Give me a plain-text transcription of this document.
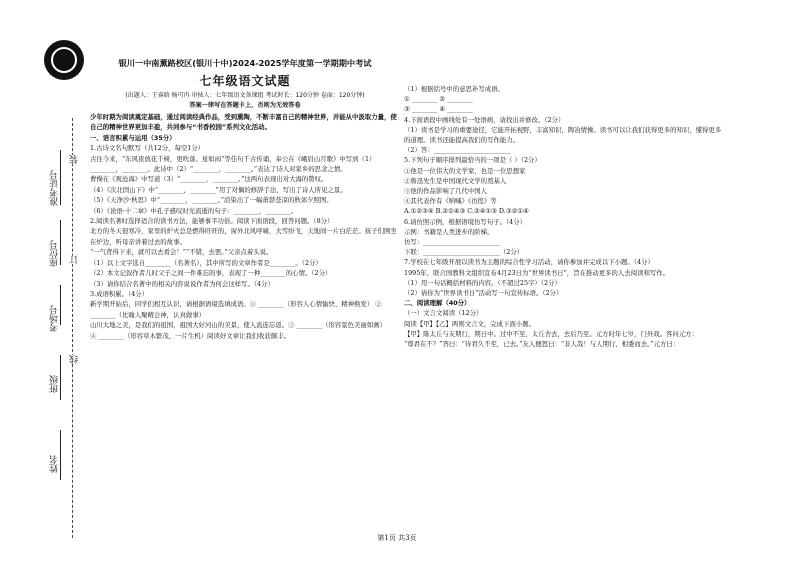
准考证号
座位号
考场号
班级
姓名
装
订
线
银川一中南薰路校区(银川十中)2024-2025学年度第一学期期中考试
七年级语文试题
(出题人：王睿晗 杨可冉 审核人：七年级语文备课组 考试时长：120分钟 卷面：120分钟)
答案一律写在答题卡上，否则为无效答卷

少年时期为阅读奠定基础，通过阅读经典作品，受到熏陶，不断丰富自己的精神世界，并能从中汲取力量，使自己的精神世界更加丰盈，共同参与“书香校园”系列文化活动。

一、语言积累与运用（35分）

1.古诗文名句默写（共12分，每空1分）

古往今来，“东风夜放花千树，更吹落、星如雨”等佳句千古传诵，奉公在《峨眉山月歌》中写到（1）________，________。此诗中（2）“________，________。”表达了诗人对家乡的思念之情。

曹操在《观沧海》中写道（3）“________，________。”这两句表现出对大海的赞叹。

（4）《次北固山下》中“________，________”用了对偶的修辞手法，写出了诗人所见之景。

（5）《天净沙·秋思》中“________，________。”渲染出了一幅萧瑟苍凉的秋郊夕照图。

（6）《论语·十二章》中孔子感叹时光流逝的句子：________，________。

2.阅读名著时选择适合的读书方法，能够事半功倍。阅读下面语段，回答问题。（8分）

北方的冬天很寒冷，家里的炉火总是燃得旺旺的，窗外北风呼啸，大雪纷飞，天地间一片白茫茫。孩子们围坐在炉边，听母亲讲着过去的故事。

“一气背得下来，就可以去看会！”“不错，去罢。”父亲点着头说。

（1）以上文字选自________（名著名），其中所写的文章作者是________。（2分）

（2）本文记叙作者儿时父子之间一件难忘的事，表现了一种________的心情。（2分）

（3）请你结合名著中的相关内容说说作者为何会这样写。（4分）

3.成语积累。（4分）

新学期开始后，同学们相互认识，请根据语境选填成语。① ________（形容人心情愉快、精神焕发） ② ________（比喻人聚精会神，认真做事）

山川大地之美，是我们的祖国，祖国大好河山的美景，使人流连忘返。③ ________（形容景色美丽如画）

④ ________（形容草木繁茂、一片生机）阅读好文章让我们收获颇丰。

（1）根据括号中的意思补写成语。

① ________ ② ________

③ ________ ④ ________

4.下面语段中画线处有一处语病，请找出并修改。（2分）

（1）读书是学习的重要途径，它能开拓视野，丰富知识，陶冶情操。读书可以让我们获得更多的知识，懂得更多的道理。读书还能提高我们的写作能力。

（2）答：________________________

5.下列句子顺序排列最恰当的一项是（ ）（2分）

①他是一位伟大的文学家，也是一位思想家

②鲁迅先生是中国现代文学的奠基人

③他的作品影响了几代中国人

④其代表作有《呐喊》《彷徨》等

A.①②③④ B.②①④③ C.②④①③ D.③②①④

6.请仿照示例，根据语境仿写句子。（4分）

示例：书籍是人类进步的阶梯。

仿写：________________________

下联：________________________（2分）

7.学校在七年级开展以读书为主题的综合性学习活动，请你参加并完成以下小题。（4分）

1995年，联合国教科文组织宣布4月23日为“世界读书日”，旨在推动更多的人去阅读和写作。

（1）用一句话概括材料的内容。（不超过25字）（2分）

（2）请你为“世界读书日”活动写一句宣传标语。（2分）

二、阅读理解（40分）

（一）文言文阅读（12分）

阅读【甲】【乙】两则文言文，完成下面小题。

【甲】陈太丘与友期行，期日中。过中不至，太丘舍去，去后乃至。元方时年七岁，门外戏。客问元方：

“尊君在不？”答曰：“待君久不至，已去。”友人便怒曰：“非人哉！与人期行，相委而去。”元方曰：

第1页 共3页
